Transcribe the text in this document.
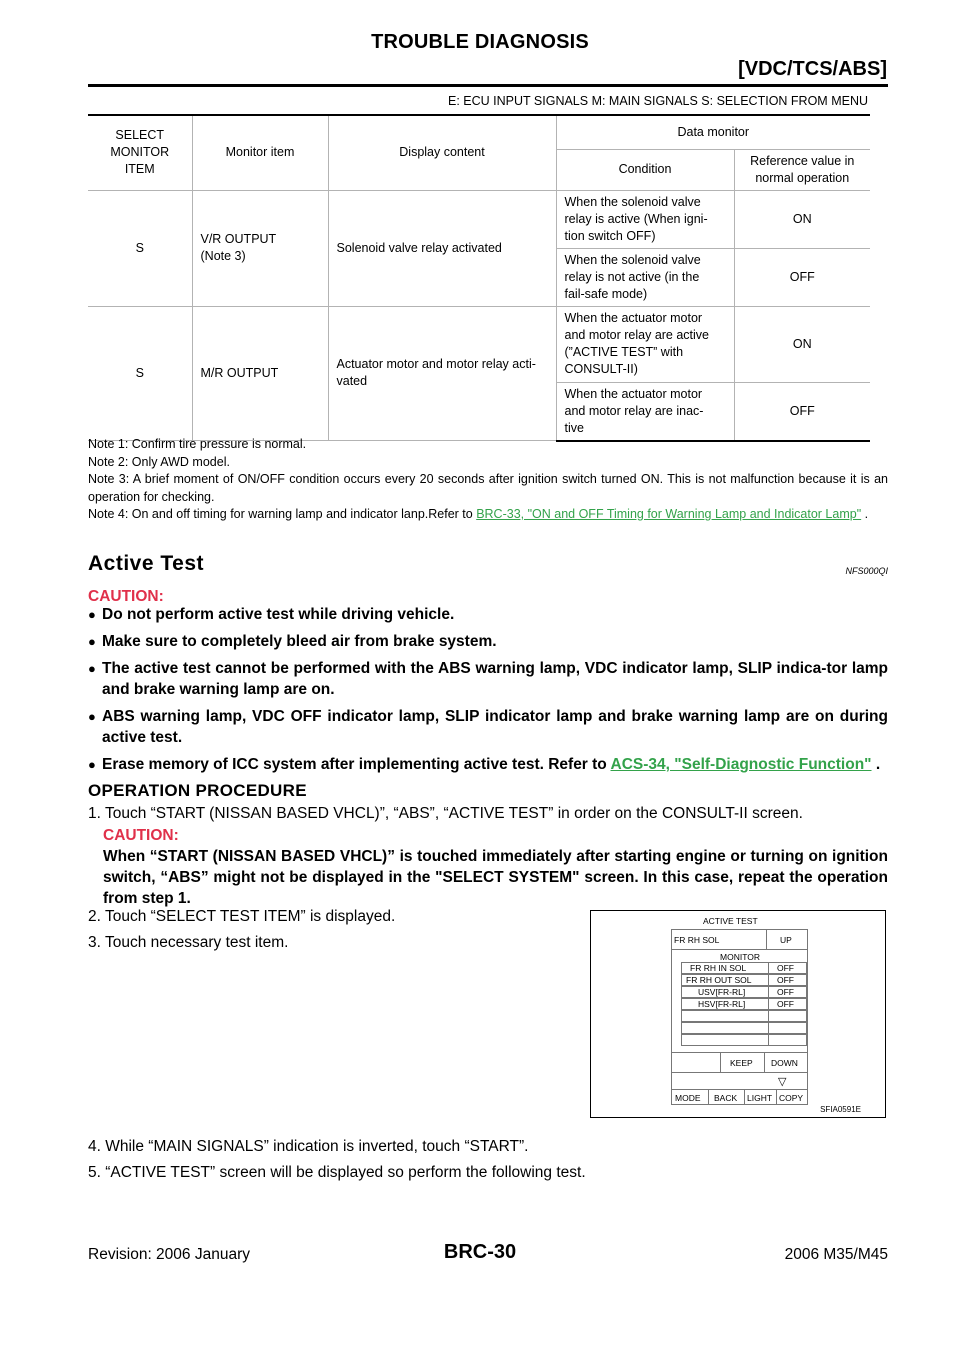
TROUBLE DIAGNOSIS
[VDC/TCS/ABS]
E: ECU INPUT SIGNALS M: MAIN SIGNALS S: SELECTION FROM MENU
SELECT
MONITOR
ITEM	Monitor item	Display content	Data monitor	
			Condition	Reference value in
normal operation
S	V/R OUTPUT
(Note 3)	Solenoid valve relay activated	When the solenoid valve
relay is active (When igni-
tion switch OFF)	ON
			When the solenoid valve
relay is not active (in the
fail-safe mode)	OFF
S	M/R OUTPUT	Actuator motor and motor relay acti-
vated	When the actuator motor
and motor relay are active
(”ACTIVE TEST” with
CONSULT-II)	ON
			When the actuator motor
and motor relay are inac-
tive	OFF

Note 1: Confirm tire pressure is normal.

Note 2: Only AWD model.

Note 3: A brief moment of ON/OFF condition occurs every 20 seconds after ignition switch turned ON. This is not malfunction because it is an operation for checking.

Note 4: On and off timing for warning lamp and indicator lanp.Refer to BRC-33, "ON and OFF Timing for Warning Lamp and Indicator Lamp" .

Active Test	NFS000QI
CAUTION:
● Do not perform active test while driving vehicle.
● Make sure to completely bleed air from brake system.
● The active test cannot be performed with the ABS warning lamp, VDC indicator lamp, SLIP indica-tor lamp and brake warning lamp are on.
● ABS warning lamp, VDC OFF indicator lamp, SLIP indicator lamp and brake warning lamp are on during active test.
● Erase memory of ICC system after implementing active test. Refer to ACS-34, "Self-Diagnostic Function" .
OPERATION PROCEDURE
1. Touch “START (NISSAN BASED VHCL)”, “ABS”, “ACTIVE TEST” in order on the CONSULT-II screen.
CAUTION:
When “START (NISSAN BASED VHCL)” is touched immediately after starting engine or turning on ignition switch, “ABS” might not be displayed in the "SELECT SYSTEM" screen. In this case, repeat the operation from step 1.
2. Touch “SELECT TEST ITEM” is displayed.
3. Touch necessary test item.
ACTIVE TEST
FR RH SOL	UP
MONITOR
FR RH IN SOL	OFF
FR RH OUT SOL	OFF
USV[FR-RL]	OFF
HSV[FR-RL]	OFF
KEEP DOWN
▽
MODE BACK LIGHT COPY
SFIA0591E
4. While “MAIN SIGNALS” indication is inverted, touch “START”.
5. “ACTIVE TEST” screen will be displayed so perform the following test.
Revision: 2006 January	BRC-30	2006 M35/M45
